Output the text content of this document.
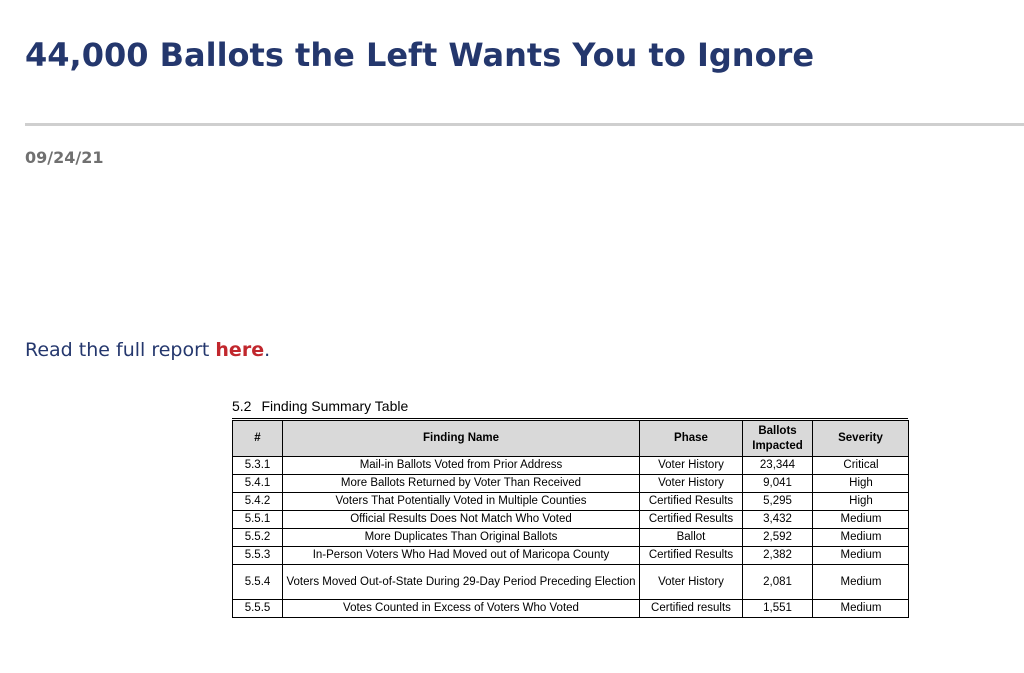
44,000 Ballots the Left Wants You to Ignore
09/24/21

Read the full report here.

5.2 Finding Summary Table
#	Finding Name	Phase	Ballots Impacted	Severity
5.3.1	Mail-in Ballots Voted from Prior Address	Voter History	23,344	Critical
5.4.1	More Ballots Returned by Voter Than Received	Voter History	9,041	High
5.4.2	Voters That Potentially Voted in Multiple Counties	Certified Results	5,295	High
5.5.1	Official Results Does Not Match Who Voted	Certified Results	3,432	Medium
5.5.2	More Duplicates Than Original Ballots	Ballot	2,592	Medium
5.5.3	In-Person Voters Who Had Moved out of Maricopa County	Certified Results	2,382	Medium
5.5.4	Voters Moved Out-of-State During 29-Day Period Preceding Election	Voter History	2,081	Medium
5.5.5	Votes Counted in Excess of Voters Who Voted	Certified results	1,551	Medium
